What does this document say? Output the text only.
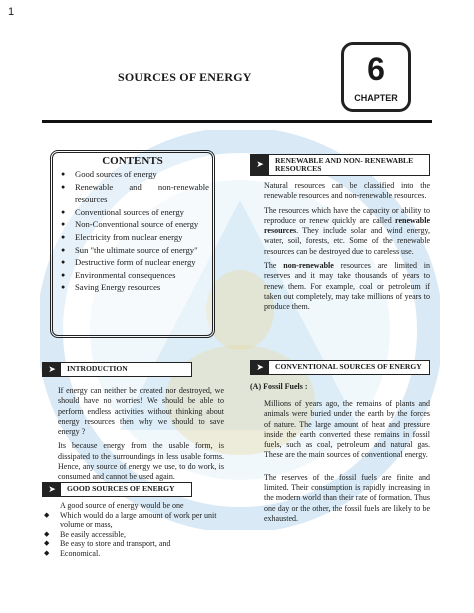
1
SOURCES OF ENERGY	6
CHAPTER
CONTENTS
● Good sources of energy
● Renewable and non-renewable resources
● Conventional sources of energy
● Non-Conventional source of energy
● Electricity from nuclear energy
● Sun "the ultimate source of energy"
● Destructive form of nuclear energy
● Environmental consequences
● Saving Energy resources
➤	INTRODUCTION

If energy can neither be created nor destroyed, we should have no worries! We should be able to perform endless activities without thinking about energy resources then why we should to save energy ?

Its because energy from the usable form, is dissipated to the surroundings in less usable forms. Hence, any source of energy we use, to do work, is consumed and cannot be used again.

➤	GOOD SOURCES OF ENERGY
A good source of energy would be one
◆ Which would do a large amount of work per unit volume or mass,
◆ Be easily accessible,
◆ Be easy to store and transport, and
◆ Economical.
➤	RENEWABLE AND NON- RENEWABLE
RESOURCES

Natural resources can be classified into the renewable resources and non-renewable resources.

The resources which have the capacity or ability to reproduce or renew quickly are called renewable resources. They include solar and wind energy, water, soil, forests, etc. Some of the renewable resources can be destroyed due to careless use.

The non-renewable resources are limited in reserves and it may take thousands of years to renew them. For example, coal or petroleum if taken out completely, may take millions of years to produce them.

➤	CONVENTIONAL SOURCES OF ENERGY
(A) Fossil Fuels :

Millions of years ago, the remains of plants and animals were buried under the earth by the forces of nature. The large amount of heat and pressure inside the earth converted these remains in fossil fuels, such as coal, petroleum and natural gas. These are the main sources of conventional energy.

The reserves of the fossil fuels are finite and limited. Their consumption is rapidly increasing in the modern world than their rate of formation. Thus one day or the other, the fossil fuels are likely to be exhausted.
